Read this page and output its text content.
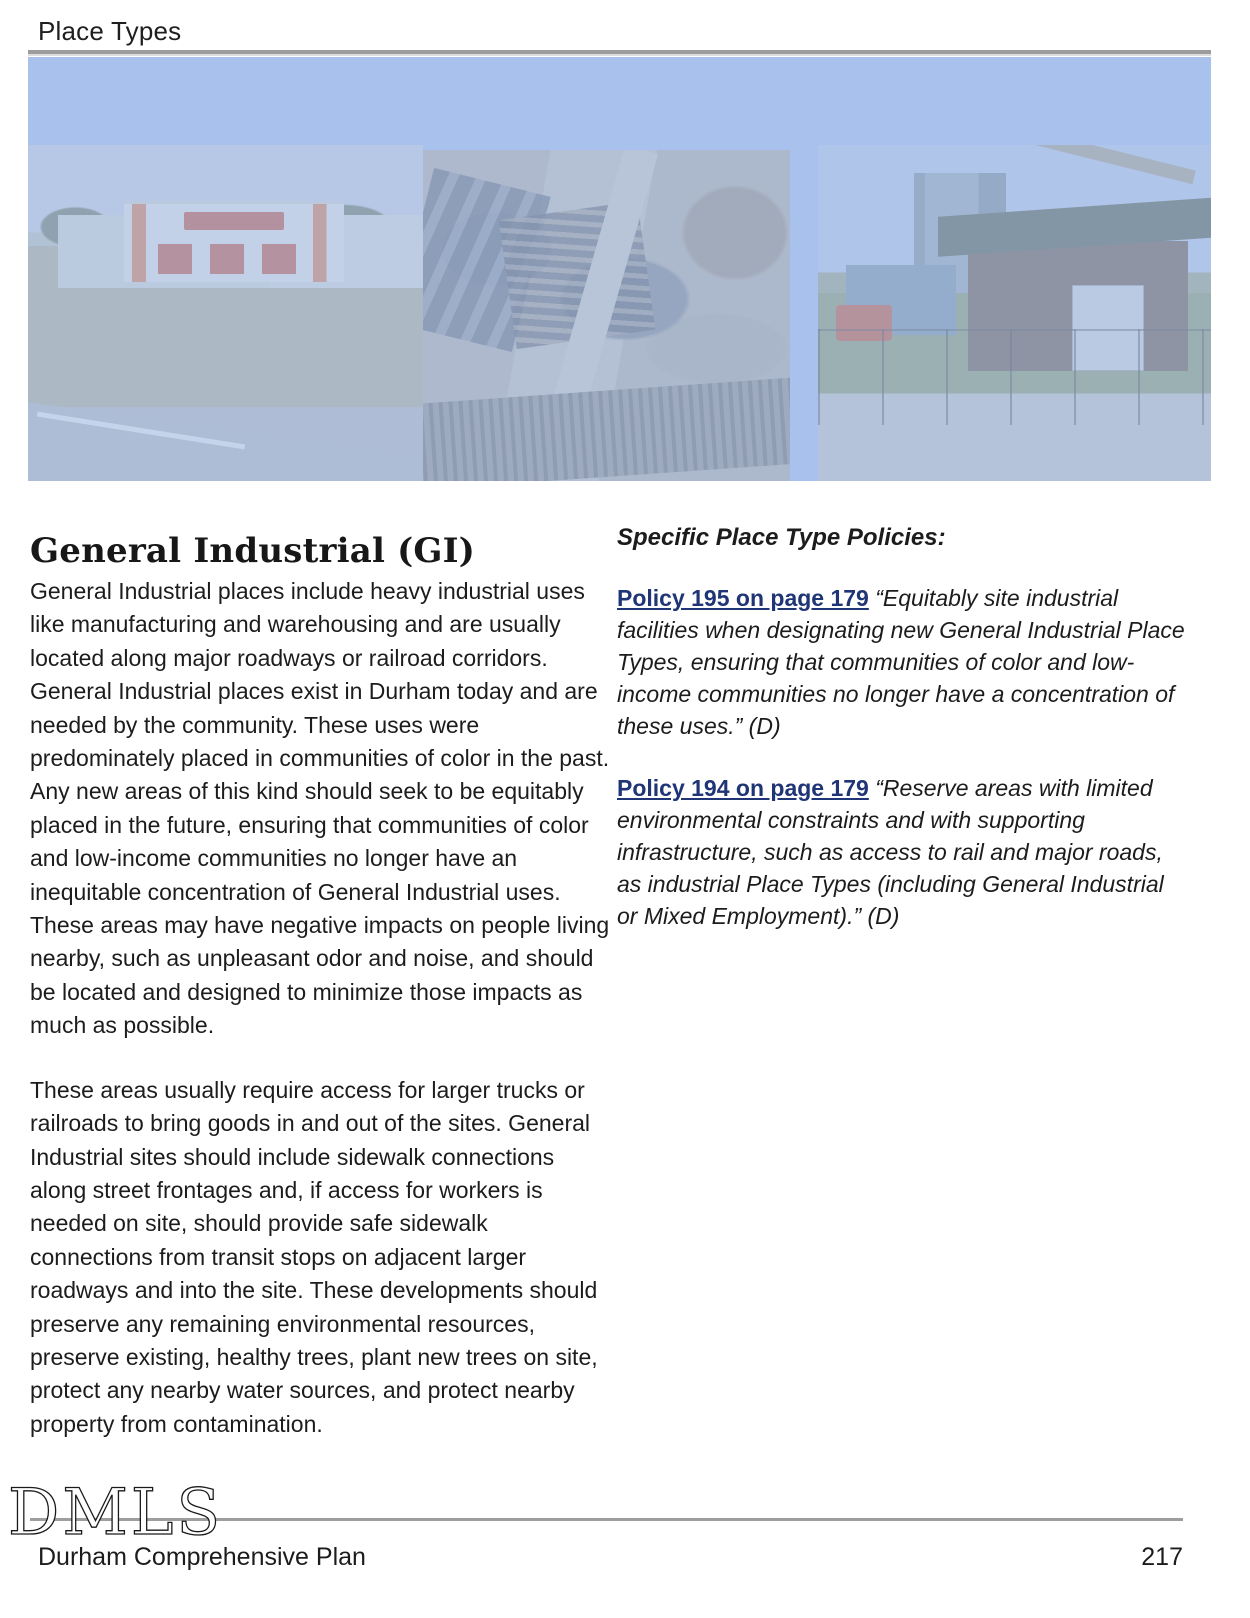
Place Types
General Industrial (GI)

General Industrial places include heavy industrial uses like manufacturing and warehousing and are usually located along major roadways or railroad corridors. General Industrial places exist in Durham today and are needed by the community. These uses were predominately placed in communities of color in the past. Any new areas of this kind should seek to be equitably placed in the future, ensuring that communities of color and low-income communities no longer have an inequitable concentration of General Industrial uses. These areas may have negative impacts on people living nearby, such as unpleasant odor and noise, and should be located and designed to minimize those impacts as much as possible.

These areas usually require access for larger trucks or railroads to bring goods in and out of the sites. General Industrial sites should include sidewalk connections along street frontages and, if access for workers is needed on site, should provide safe sidewalk connections from transit stops on adjacent larger roadways and into the site. These developments should preserve any remaining environmental resources, preserve existing, healthy trees, plant new trees on site, protect any nearby water sources, and protect nearby property from contamination.

Specific Place Type Policies:

Policy 195 on page 179 “Equitably site industrial facilities when designating new General Industrial Place Types, ensuring that communities of color and low-income communities no longer have a concentration of these uses.” (D)

Policy 194 on page 179 “Reserve areas with limited environmental constraints and with supporting infrastructure, such as access to rail and major roads, as industrial Place Types (including General Industrial or Mixed Employment).” (D)

DMLS
Durham Comprehensive Plan	217
